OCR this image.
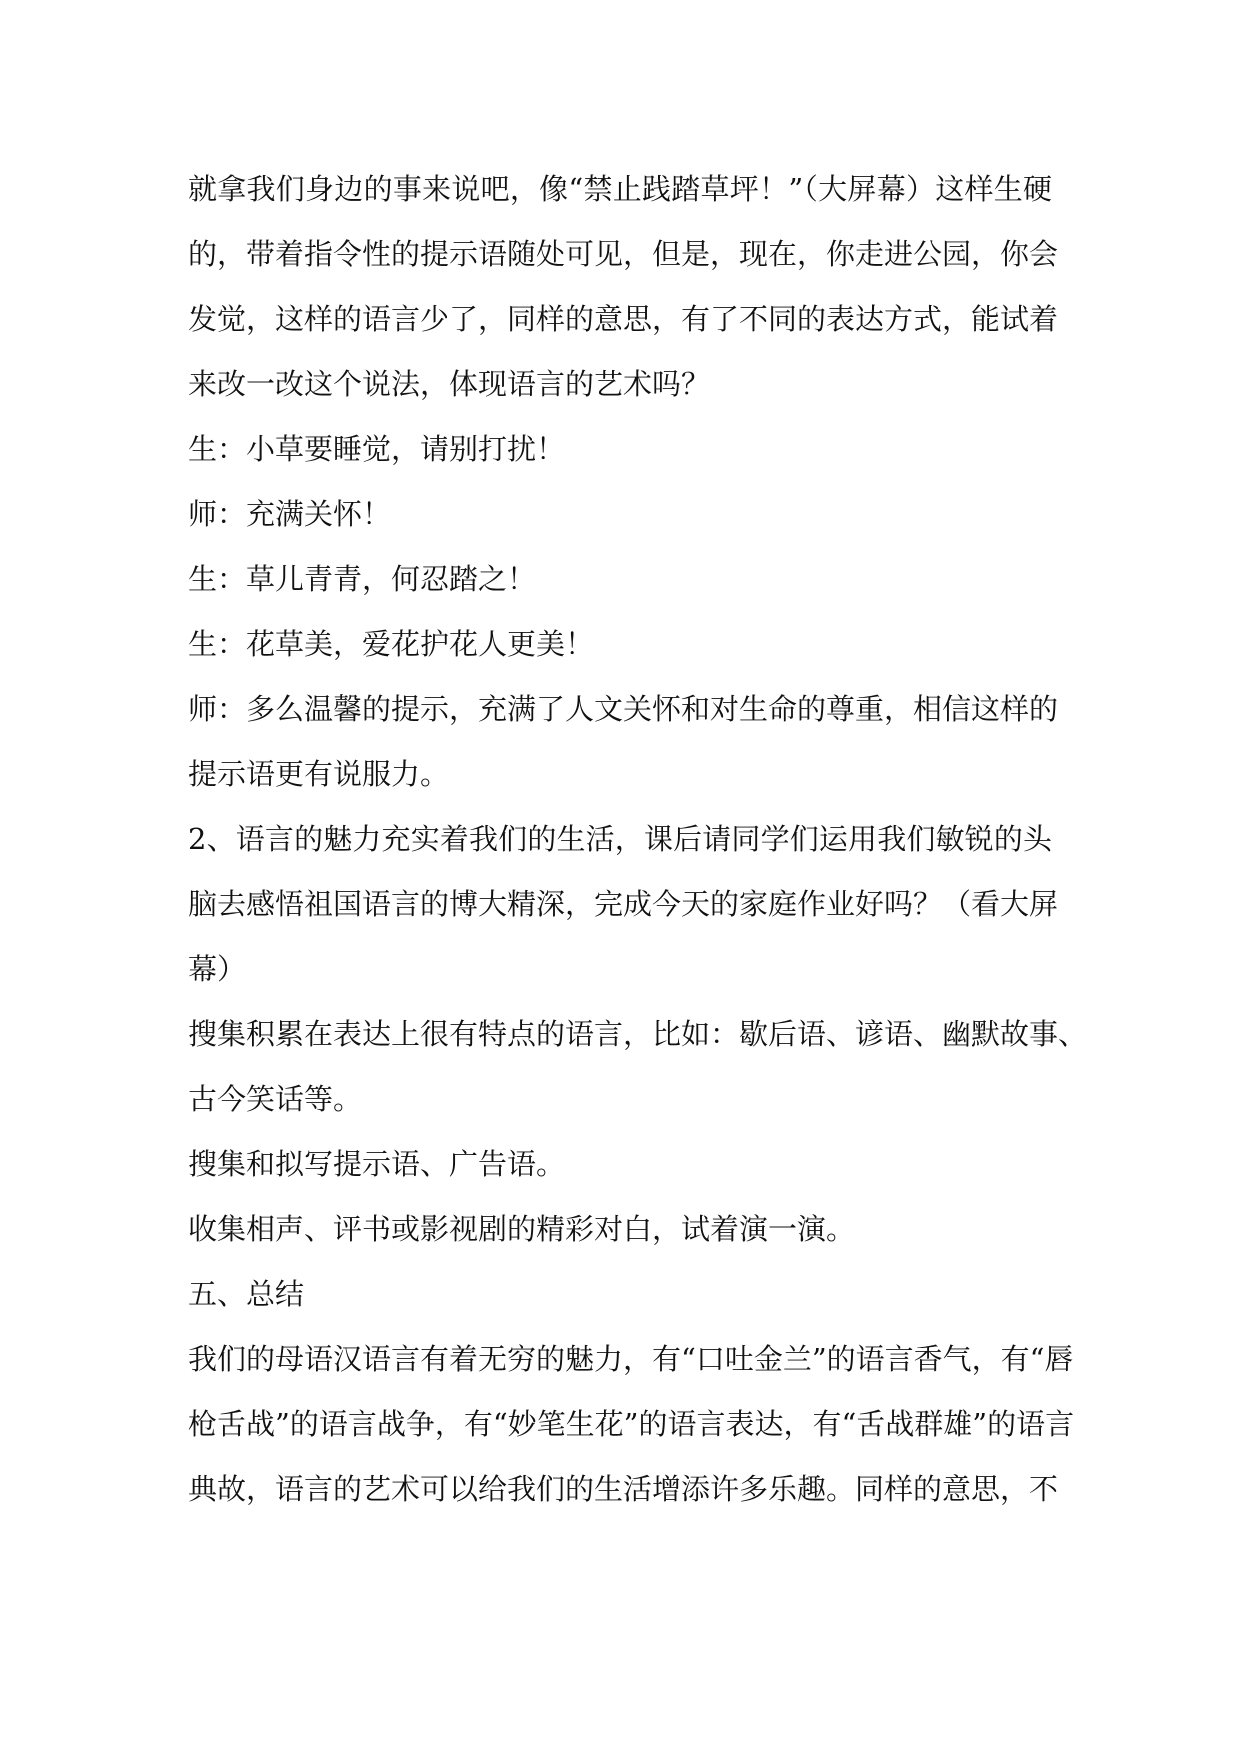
就拿我们身边的事来说吧，像“禁止践踏草坪！”（大屏幕）这样生硬
的，带着指令性的提示语随处可见，但是，现在，你走进公园，你会
发觉，这样的语言少了，同样的意思，有了不同的表达方式，能试着
来改一改这个说法，体现语言的艺术吗？
生：小草要睡觉，请别打扰！
师：充满关怀！
生：草儿青青，何忍踏之！
生：花草美，爱花护花人更美！
师：多么温馨的提示，充满了人文关怀和对生命的尊重，相信这样的
提示语更有说服力。
2、语言的魅力充实着我们的生活，课后请同学们运用我们敏锐的头
脑去感悟祖国语言的博大精深，完成今天的家庭作业好吗？（看大屏
幕）
搜集积累在表达上很有特点的语言，比如：歇后语、谚语、幽默故事、
古今笑话等。
搜集和拟写提示语、广告语。
收集相声、评书或影视剧的精彩对白，试着演一演。
五、总结
我们的母语汉语言有着无穷的魅力，有“口吐金兰”的语言香气，有“唇
枪舌战”的语言战争，有“妙笔生花”的语言表达，有“舌战群雄”的语言
典故，语言的艺术可以给我们的生活增添许多乐趣。同样的意思，不
